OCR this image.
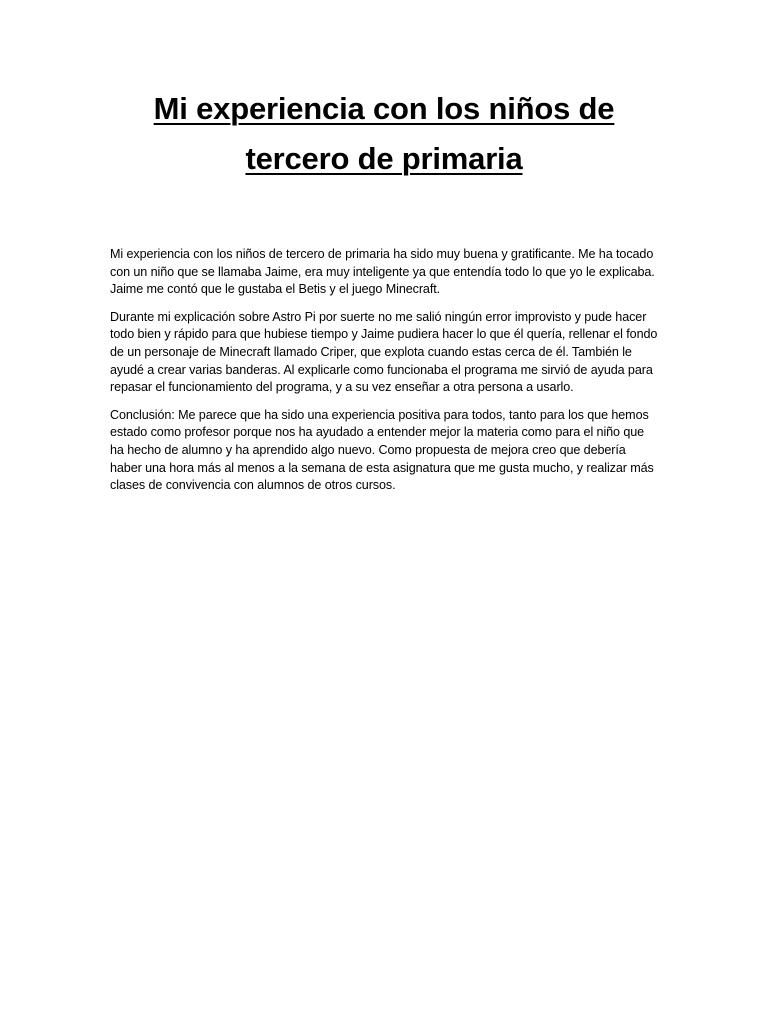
Mi experiencia con los niños de
tercero de primaria

Mi experiencia con los niños de tercero de primaria ha sido muy buena y gratificante. Me ha tocado con un niño que se llamaba Jaime, era muy inteligente ya que entendía todo lo que yo le explicaba. Jaime me contó que le gustaba el Betis y el juego Minecraft.

Durante mi explicación sobre Astro Pi por suerte no me salió ningún error improvisto y pude hacer todo bien y rápido para que hubiese tiempo y Jaime pudiera hacer lo que él quería, rellenar el fondo de un personaje de Minecraft llamado Criper, que explota cuando estas cerca de él. También le ayudé a crear varias banderas. Al explicarle como funcionaba el programa me sirvió de ayuda para repasar el funcionamiento del programa, y a su vez enseñar a otra persona a usarlo.

Conclusión: Me parece que ha sido una experiencia positiva para todos, tanto para los que hemos estado como profesor porque nos ha ayudado a entender mejor la materia como para el niño que ha hecho de alumno y ha aprendido algo nuevo. Como propuesta de mejora creo que debería haber una hora más al menos a la semana de esta asignatura que me gusta mucho, y realizar más clases de convivencia con alumnos de otros cursos.
